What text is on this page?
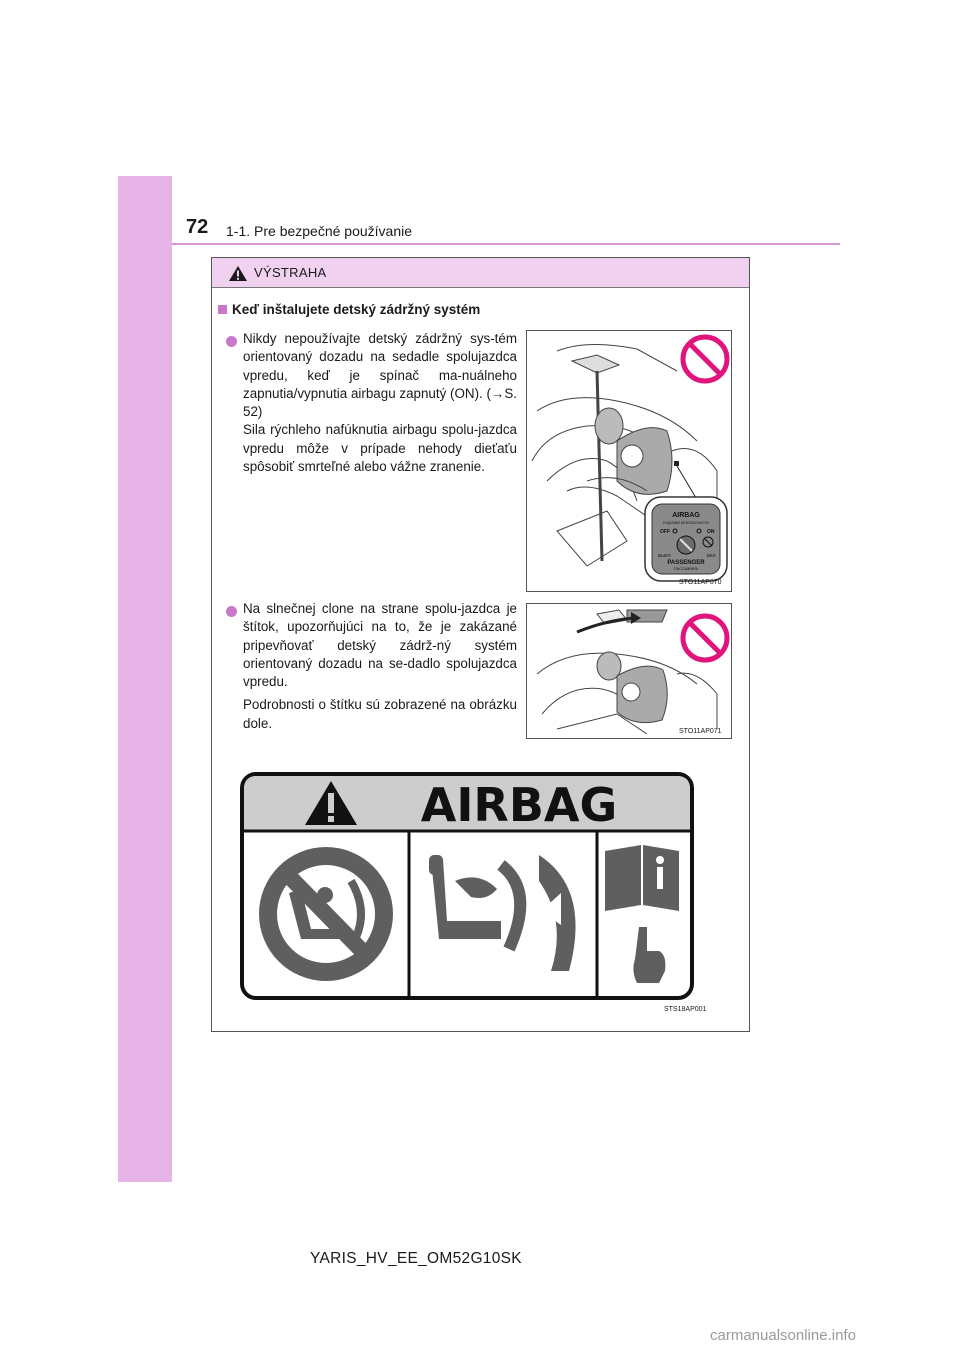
72 1-1. Pre bezpečné používanie
VÝSTRAHA
Keď inštalujete detský zádržný systém

Nikdy nepoužívajte detský zádržný sys-tém orientovaný dozadu na sedadle spolujazdca vpredu, keď je spínač ma-nuálneho zapnutia/vypnutia airbagu zapnutý (ON). (→S. 52)

Sila rýchleho nafúknutia airbagu spolu-jazdca vpredu môže v prípade nehody dieťaťu spôsobiť smrteľné alebo vážne zranenie.

Na slnečnej clone na strane spolu-jazdca je štítok, upozorňujúci na to, že je zakázané pripevňovať detský zádrž-ný systém orientovaný dozadu na se-dadlo spolujazdca vpredu.

Podrobnosti o štítku sú zobrazené na obrázku dole.

AIRBAG
ПОДУШКИ БЕЗОПАСНОСТИ
OFF	ON
ВЫКЛ	ВКЛ
PASSENGER
ПАССАЖИРА
STO11AP070
STO11AP071
AIRBAG
STS18AP001
YARIS_HV_EE_OM52G10SK
carmanualsonline.info
